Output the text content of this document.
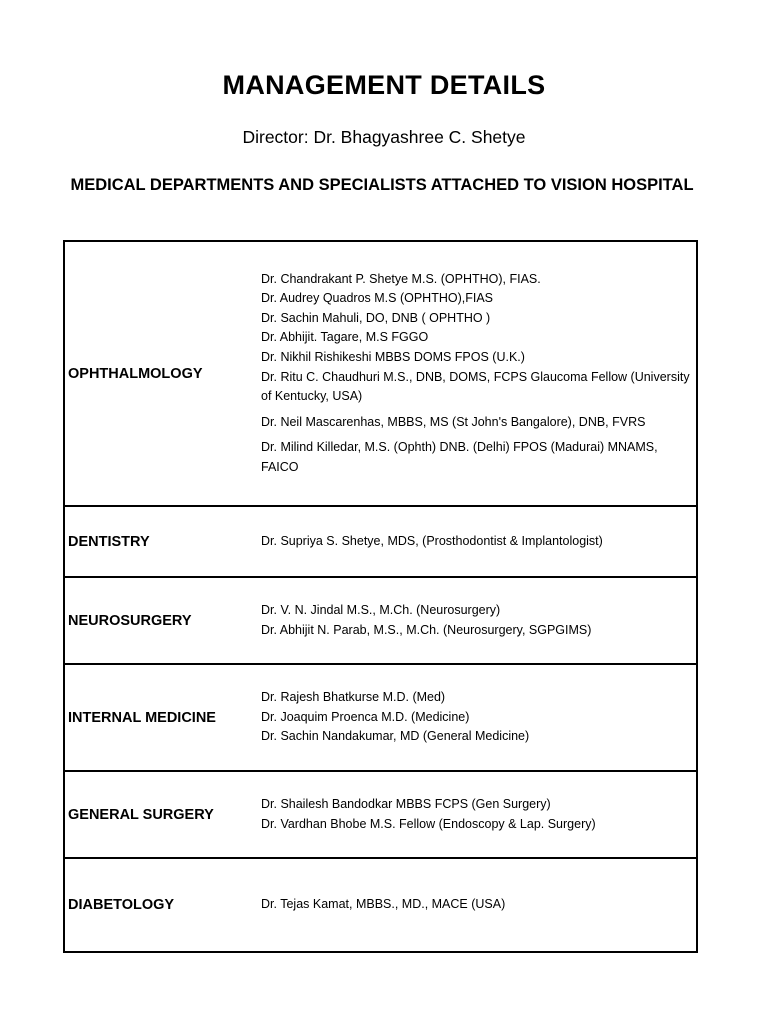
MANAGEMENT DETAILS

Director: Dr. Bhagyashree C. Shetye

MEDICAL DEPARTMENTS AND SPECIALISTS ATTACHED TO VISION HOSPITAL
OPHTHALMOLOGY
Dr. Chandrakant P. Shetye M.S. (OPHTHO), FIAS.
Dr. Audrey Quadros M.S (OPHTHO),FIAS
Dr. Sachin Mahuli, DO, DNB ( OPHTHO )
Dr. Abhijit. Tagare, M.S FGGO
Dr. Nikhil Rishikeshi MBBS DOMS FPOS (U.K.)
Dr. Ritu C. Chaudhuri M.S., DNB, DOMS, FCPS Glaucoma Fellow (University of Kentucky, USA)
Dr. Neil Mascarenhas, MBBS, MS (St John's Bangalore), DNB, FVRS
Dr. Milind Killedar, M.S. (Ophth) DNB. (Delhi) FPOS (Madurai) MNAMS, FAICO
DENTISTRY	Dr. Supriya S. Shetye, MDS, (Prosthodontist & Implantologist)
NEUROSURGERY
Dr. V. N. Jindal M.S., M.Ch. (Neurosurgery)
Dr. Abhijit N. Parab, M.S., M.Ch. (Neurosurgery, SGPGIMS)
INTERNAL MEDICINE
Dr. Rajesh Bhatkurse M.D. (Med)
Dr. Joaquim Proenca M.D. (Medicine)
Dr. Sachin Nandakumar, MD (General Medicine)
GENERAL SURGERY
Dr. Shailesh Bandodkar MBBS FCPS (Gen Surgery)
Dr. Vardhan Bhobe M.S. Fellow (Endoscopy & Lap. Surgery)
DIABETOLOGY	Dr. Tejas Kamat, MBBS., MD., MACE (USA)
